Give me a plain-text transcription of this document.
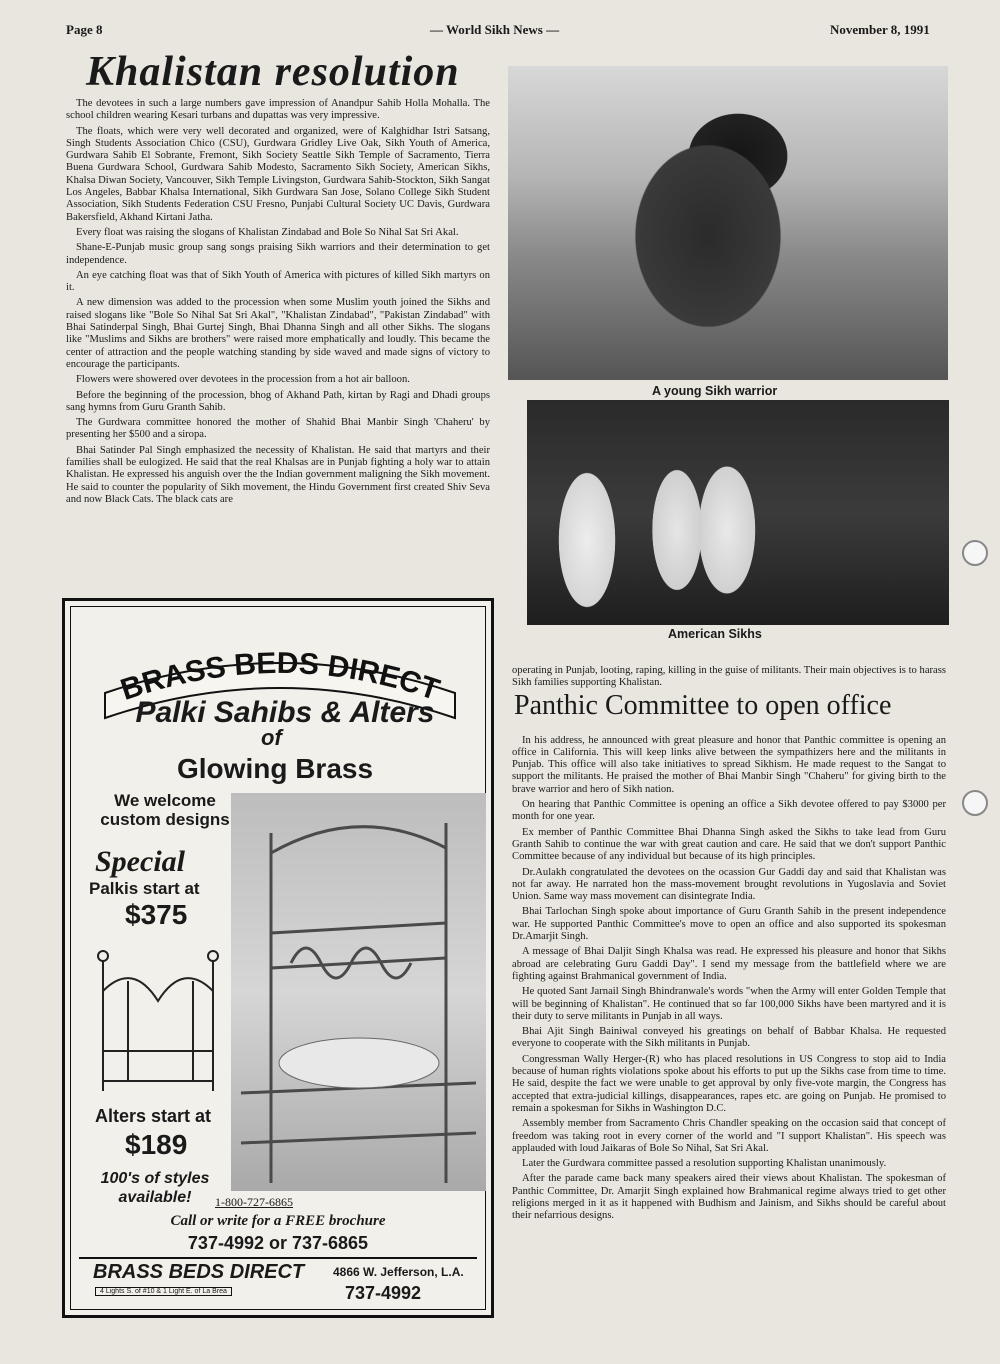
Page 8	— World Sikh News —	November 8, 1991
Khalistan resolution

The devotees in such a large numbers gave impression of Anandpur Sahib Holla Mohalla. The school children wearing Kesari turbans and dupattas was very impressive.

The floats, which were very well decorated and organized, were of Kalghidhar Istri Satsang, Singh Students Association Chico (CSU), Gurdwara Gridley Live Oak, Sikh Youth of America, Gurdwara Sahib El Sobrante, Fremont, Sikh Society Seattle Sikh Temple of Sacramento, Tierra Buena Gurdwara School, Gurdwara Sahib Modesto, Sacramento Sikh Society, American Sikhs, Khalsa Diwan Society, Vancouver, Sikh Temple Livingston, Gurdwara Sahib-Stockton, Sikh Sangat Los Angeles, Babbar Khalsa International, Sikh Gurdwara San Jose, Solano College Sikh Student Association, Sikh Students Federation CSU Fresno, Punjabi Cultural Society UC Davis, Gurdwara Bakersfield, Akhand Kirtani Jatha.

Every float was raising the slogans of Khalistan Zindabad and Bole So Nihal Sat Sri Akal.

Shane-E-Punjab music group sang songs praising Sikh warriors and their determination to get independence.

An eye catching float was that of Sikh Youth of America with pictures of killed Sikh martyrs on it.

A new dimension was added to the procession when some Muslim youth joined the Sikhs and raised slogans like "Bole So Nihal Sat Sri Akal", "Khalistan Zindabad", "Pakistan Zindabad" with Bhai Satinderpal Singh, Bhai Gurtej Singh, Bhai Dhanna Singh and all other Sikhs. The slogans like "Muslims and Sikhs are brothers" were raised more emphatically and loudly. This became the center of attraction and the people watching standing by side waved and made signs of victory to encourage the participants.

Flowers were showered over devotees in the procession from a hot air balloon.

Before the beginning of the procession, bhog of Akhand Path, kirtan by Ragi and Dhadi groups sang hymns from Guru Granth Sahib.

The Gurdwara committee honored the mother of Shahid Bhai Manbir Singh 'Chaheru' by presenting her $500 and a siropa.

Bhai Satinder Pal Singh emphasized the necessity of Khalistan. He said that martyrs and their families shall be eulogized. He said that the real Khalsas are in Punjab fighting a holy war to attain Khalistan. He expressed his anguish over the the Indian government maligning the Sikh movement. He said to counter the popularity of Sikh movement, the Hindu Government first created Shiv Seva and now Black Cats. The black cats are

A young Sikh warrior
American Sikhs

operating in Punjab, looting, raping, killing in the guise of militants. Their main objectives is to harass Sikh families supporting Khalistan.

In his address, he announced with great pleasure and honor that Panthic committee is opening an office in California. This will keep links alive between the sympathizers here and the militants in Punjab. This office will also take initiatives to spread Sikhism. He made request to the Sangat to support the militants. He praised the mother of Bhai Manbir Singh "Chaheru" for giving birth to the brave warrior and hero of Sikh nation.

On hearing that Panthic Committee is opening an office a Sikh devotee offered to pay $3000 per month for one year.

Ex member of Panthic Committee Bhai Dhanna Singh asked the Sikhs to take lead from Guru Granth Sahib to continue the war with great caution and care. He said that we don't support Panthic Committee because of any individual but because of its high principles.

Dr.Aulakh congratulated the devotees on the ocassion Gur Gaddi day and said that Khalistan was not far away. He narrated hon the mass-movement brought revolutions in Yugoslavia and Soviet Union. Same way mass movement can disintegrate India.

Bhai Tarlochan Singh spoke about importance of Guru Granth Sahib in the present independence war. He supported Panthic Committee's move to open an office and also supported its spokesman Dr.Amarjit Singh.

A message of Bhai Daljit Singh Khalsa was read. He expressed his pleasure and honor that Sikhs abroad are celebrating Guru Gaddi Day". I send my message from the battlefield where we are fighting against Brahmanical government of India.

He quoted Sant Jarnail Singh Bhindranwale's words "when the Army will enter Golden Temple that will be beginning of Khalistan". He continued that so far 100,000 Sikhs have been martyred and it is their duty to serve militants in Punjab in all ways.

Bhai Ajit Singh Bainiwal conveyed his greatings on behalf of Babbar Khalsa. He requested everyone to cooperate with the Sikh militants in Punjab.

Congressman Wally Herger-(R) who has placed resolutions in US Congress to stop aid to India because of human rights violations spoke about his efforts to put up the Sikhs case from time to time. He said, despite the fact we were unable to get approval by only five-vote margin, the Congress has accepted that extra-judicial killings, disappearances, rapes etc. are going on Punjab. He promised to remain a spokesman for Sikhs in Washington D.C.

Assembly member from Sacramento Chris Chandler speaking on the occasion said that concept of freedom was taking root in every corner of the world and "I support Khalistan". His speech was applauded with loud Jaikaras of Bole So Nihal, Sat Sri Akal.

Later the Gurdwara committee passed a resolution supporting Khalistan unanimously.

After the parade came back many speakers aired their views about Khalistan. The spokesman of Panthic Committee, Dr. Amarjit Singh explained how Brahmanical regime always tried to get other religions merged in it as it happened with Budhism and Jainism, and Sikhs should be careful about their nefarrious designs.

Panthic Committee to open office
BRASS BEDS DIRECT
Palki Sahibs & Alters
of
Glowing Brass
We welcome custom designs
Special
Palkis start at
$375
Alters start at
$189
100's of styles available!	1-800-727-6865
Call or write for a FREE brochure
737-4992 or 737-6865
BRASS BEDS DIRECT
4 Lights S. of #10 & 1 Light E. of La Brea
4866 W. Jefferson, L.A.
737-4992
